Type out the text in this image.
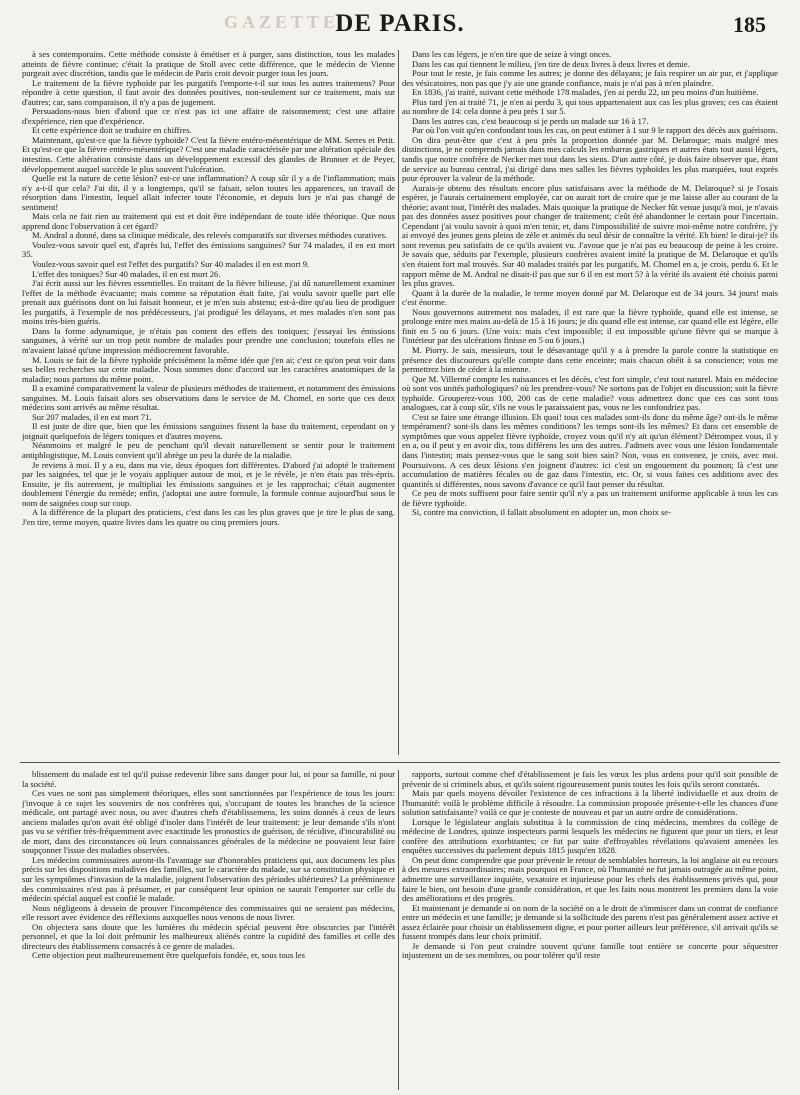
GAZETTE
DE PARIS.	185

à ses contemporains. Cette méthode consiste à émétiser et à purger, sans distinction, tous les malades atteints de fièvre continue; c'était la pratique de Stoll avec cette différence, que le médecin de Vienne purgeait avec discrétion, tandis que le médecin de Paris croit devoir purger tous les jours.

Le traitement de la fièvre typhoïde par les purgatifs l'emporte-t-il sur tous les autres traitemens? Pour répondre à cette question, il faut avoir des données positives, non-seulement sur ce traitement, mais sur d'autres; car, sans comparaison, il n'y a pas de jugement.

Persuadons-nous bien d'abord que ce n'est pas ici une affaire de raisonnement; c'est une affaire d'expérience, rien que d'expérience.

Et cette expérience doit se traduire en chiffres.

Maintenant, qu'est-ce que la fièvre typhoïde? C'est la fièvre entéro-mésentérique de MM. Serres et Petit. Et qu'est-ce que la fièvre entéro-mésentérique? C'est une maladie caractérisée par une altération spéciale des intestins. Cette altération consiste dans un développement excessif des glandes de Brunner et de Peyer, développement auquel succède le plus souvent l'ulcération.

Quelle est la nature de cette lésion? est-ce une inflammation? A coup sûr il y a de l'inflammation; mais n'y a-t-il que cela? J'ai dit, il y a longtemps, qu'il se faisait, selon toutes les apparences, un travail de résorption dans l'intestin, lequel allait infecter toute l'économie, et depuis lors je n'ai pas changé de sentiment!

Mais cela ne fait rien au traitement qui est et doit être indépendant de toute idée théorique. Que nous apprend donc l'observation à cet égard?

M. Andral a donné, dans sa clinique médicale, des relevés comparatifs sur diverses méthodes curatives.

Voulez-vous savoir quel est, d'après lui, l'effet des émissions sanguines? Sur 74 malades, il en est mort 35.

Voulez-vous savoir quel est l'effet des purgatifs? Sur 40 malades il en est mort 9.

L'effet des toniques? Sur 40 malades, il en est mort 26.

J'ai écrit aussi sur les fièvres essentielles. En traitant de la fièvre bilieuse, j'ai dû naturellement examiner l'effet de la méthode évacuante; mais comme sa réputation était faite, j'ai voulu savoir quelle part elle prenait aux guérisons dont on lui faisait honneur, et je m'en suis abstenu; est-à-dire qu'au lieu de prodiguer les purgatifs, à l'exemple de nos prédécesseurs, j'ai prodigué les délayans, et mes malades n'en sont pas moins très-bien guéris.

Dans la forme adynamique, je n'étais pas content des effets des toniques; j'essayai les émissions sanguines, à vérité sur un trop petit nombre de malades pour prendre une conclusion; toutefois elles ne m'avaient laissé qu'une impression médiocrement favorable.

M. Louis se fait de la fièvre typhoïde précisément la même idée que j'en ai; c'est ce qu'on peut voir dans ses belles recherches sur cette maladie. Nous sommes donc d'accord sur les caractères anatomiques de la maladie; nous partons du même point.

Il a examiné comparativement la valeur de plusieurs méthodes de traitement, et notamment des émissions sanguines. M. Louis faisait alors ses observations dans le service de M. Chomel, en sorte que ces deux médecins sont arrivés au même résultat.

Sur 207 malades, il en est mort 71.

Il est juste de dire que, bien que les émissions sanguines fissent la base du traitement, cependant on y joignait quelquefois de légers toniques et d'autres moyens.

Néanmoins et malgré le peu de penchant qu'il devait naturellement se sentir pour le traitement antiphlogistique, M. Louis convient qu'il abrège un peu la durée de la maladie.

Je reviens à moi. Il y a eu, dans ma vie, deux époques fort différentes. D'abord j'ai adopté le traitement par les saignées, tel que je le voyais appliquer autour de moi, et je le révèle, je n'en étais pas très-épris. Ensuite, je fis autrement, je multipliai les émissions sanguines et je les rapprochai; c'était augmenter doublement l'énergie du remède; enfin, j'adoptai une autre formule, la formule connue aujourd'hui sous le nom de saignées coup sur coup.

A la différence de la plupart des praticiens, c'est dans les cas les plus graves que je tire le plus de sang. J'en tire, terme moyen, quatre livres dans les quatre ou cinq premiers jours.

Dans les cas légers, je n'en tire que de seize à vingt onces.

Dans les cas qui tiennent le milieu, j'en tire de deux livres à deux livres et demie.

Pour tout le reste, je fais comme les autres; je donne des délayans; je fais respirer un air pur, et j'applique des vésicatoires, non pas que j'y aie une grande confiance, mais je n'ai pas à m'en plaindre.

En 1836, j'ai traité, suivant cette méthode 178 malades, j'en ai perdu 22, un peu moins d'un huitième.

Plus tard j'en ai traité 71, je n'en ai perdu 3, qui tous appartenaient aux cas les plus graves; ces cas étaient au nombre de 14: cela donne à peu près 1 sur 5.

Dans les autres cas, c'est beaucoup si je perds un malade sur 16 à 17.

Par où l'on voit qu'en confondant tous les cas, on peut estimer à 1 sur 9 le rapport des décès aux guérisons.

On dira peut-être que c'est à peu près la proportion donnée par M. Delaroque; mais malgré mes distinctions, je ne comprends jamais dans mes calculs les embarras gastriques et autres états tout aussi légers, tandis que notre confrère de Necker met tout dans les siens. D'un autre côté, je dois faire observer que, étant de service au bureau central, j'ai dirigé dans mes salles les fièvres typhoïdes les plus marquées, tout exprès pour éprouver la valeur de la méthode.

Aurais-je obtenu des résultats encore plus satisfaisans avec la méthode de M. Delaroque? si je l'osais espérer, je l'aurais certainement employée, car on aurait tort de croire que je me laisse aller au courant de la théorie; avant tout, l'intérêt des malades. Mais quoique la pratique de Necker fût venue jusqu'à moi, je n'avais pas des données assez positives pour changer de traitement; c'eût été abandonner le certain pour l'incertain. Cependant j'ai voulu savoir à quoi m'en tenir, et, dans l'impossibilité de suivre moi-même notre confrère, j'y ai envoyé des jeunes gens pleins de zèle et animés du seul désir de connaître la vérité. Eh bien! le dirai-je? ils sont revenus peu satisfaits de ce qu'ils avaient vu. J'avoue que je n'ai pas eu beaucoup de peine à les croire. Je savais que, séduits par l'exemple, plusieurs confrères avaient imité la pratique de M. Delaroque et qu'ils s'en étaient fort mal trouvés. Sur 40 malades traités par les purgatifs, M. Chomel en a, je crois, perdu 6. Et le rapport même de M. Andral ne disait-il pas que sur 6 il en est mort 5? à la vérité ils avaient été choisis parmi les plus graves.

Quant à la durée de la maladie, le terme moyen donné par M. Delaroque est de 34 jours. 34 jours! mais c'est énorme.

Nous gouvernons autrement nos malades, il est rare que la fièvre typhoïde, quand elle est intense, se prolonge entre mes mains au-delà de 15 à 16 jours; je dis quand elle est intense, car quand elle est légère, elle finit en 5 ou 6 jours. (Une voix: mais c'est impossible; il est impossible qu'une fièvre qui se marque à l'intérieur par des ulcérations finisse en 5 ou 6 jours.)

M. Piorry. Je sais, messieurs, tout le désavantage qu'il y a à prendre la parole contre la statistique en présence des discoureurs qu'elle compte dans cette enceinte; mais chacun obéit à sa conscience; vous me permettrez bien de céder à la mienne.

Que M. Villermé compte les naissances et les décès, c'est fort simple, c'est tout naturel. Mais en médecine où sont vos unités pathologiques? où les prendrez-vous? Ne sortons pas de l'objet en discussion; soit la fièvre typhoïde. Grouperez-vous 100, 200 cas de cette maladie? vous admettrez donc que ces cas sont tous analogues, car à coup sûr, s'ils ne vous le paraissaient pas, vous ne les confondriez pas.

C'est se faire une étrange illusion. Eh quoi! tous ces malades sont-ils donc du même âge? ont-ils le même tempérament? sont-ils dans les mêmes conditions? les temps sont-ils les mêmes? Et dans cet ensemble de symptômes que vous appelez fièvre typhoïde, croyez vous qu'il n'y ait qu'un élément? Détrompez vous, il y en a, ou il peut y en avoir dix, tous différens les uns des autres. J'admets avec vous une lésion fondamentale dans l'intestin; mais pensez-vous que le sang soit bien sain? Non, vous en convenez, je crois, avec moi. Poursuivons. A ces deux lésions s'en joignent d'autres: ici c'est un engouement du poumon; là c'est une accumulation de matières fécales ou de gaz dans l'intestin, etc. Or, si vous faites ces additions avec des quantités si différentes, nous savons d'avance ce qu'il faut penser du résultat.

Ce peu de mots suffisent pour faire sentir qu'il n'y a pas un traitement uniforme applicable à tous les cas de fièvre typhoïde.

Si, contre ma conviction, il fallait absolument en adopter un, mon choix se-

blissement du malade est tel qu'il puisse redevenir libre sans danger pour lui, ni pour sa famille, ni pour la société.

Ces vues ne sont pas simplement théoriques, elles sont sanctionnées par l'expérience de tous les jours: j'invoque à ce sujet les souvenirs de nos confrères qui, s'occupant de toutes les branches de la science médicale, ont partagé avec nous, ou avec d'autres chefs d'établissemens, les soins donnés à ceux de leurs anciens malades qu'on avait été obligé d'isoler dans l'intérêt de leur traitement: je leur demande s'ils n'ont pas vu se vérifier très-fréquemment avec exactitude les pronostics de guérison, de récidive, d'incurabilité ou de mort, dans des circonstances où leurs connaissances générales de la médecine ne pouvaient leur faire soupçonner l'issue des maladies observées.

Les médecins commissaires auront-ils l'avantage sur d'honorables praticiens qui, aux documens les plus précis sur les dispositions maladives des familles, sur le caractère du malade, sur sa constitution physique et sur les symptômes d'invasion de la maladie, joignent l'observation des périodes ultérieures? La prééminence des commissaires n'est pas à présumer, et par conséquent leur opinion ne saurait l'emporter sur celle du médecin spécial auquel est confié le malade.

Nous négligeons à dessein de prouver l'incompétence des commissaires qui ne seraient pas médecins, elle ressort avec évidence des réflexions auxquelles nous venons de nous livrer.

On objectera sans doute que les lumières du médecin spécial peuvent être obscurcies par l'intérêt personnel, et que la loi doit prémunir les malheureux aliénés contre la cupidité des familles et celle des directeurs des établissemens consacrés à ce genre de malades.

Cette objection peut malheureusement être quelquefois fondée, et, sous tous les

rapports, surtout comme chef d'établissement je fais les vœux les plus ardens pour qu'il soit possible de prévenir de si criminels abus, et qu'ils soient rigoureusement punis toutes les fois qu'ils seront constatés.

Mais par quels moyens dévoiler l'existence de ces infractions à la liberté individuelle et aux droits de l'humanité: voilà le problème difficile à résoudre. La commission proposée présente-t-elle les chances d'une solution satisfaisante? voilà ce que je conteste de nouveau et par un autre ordre de considérations.

Lorsque le législateur anglais substitua à la commission de cinq médecins, membres du collège de médecine de Londres, quinze inspecteurs parmi lesquels les médecins ne figurent que pour un tiers, et leur confère des attributions exorbitantes; ce fut par suite d'effroyables révélations qu'avaient amenées les enquêtes successives du parlement depuis 1815 jusqu'en 1828.

On peut donc comprendre que pour prévenir le retour de semblables horreurs, la loi anglaise ait eu recours à des mesures extraordinaires; mais pourquoi en France, où l'humanité ne fut jamais outragée au même point, admettre une surveillance inquiète, vexatoire et injurieuse pour les chefs des établissemens privés qui, pour faire le bien, ont besoin d'une grande considération, et que les faits nous montrent les premiers dans la voie des améliorations et des progrès.

Et maintenant je demande si on nom de la société on a le droit de s'immiscer dans un contrat de confiance entre un médecin et une famille; je demande si la sollicitude des parens n'est pas généralement assez active et assez éclairée pour choisir un établissement digne, et pour porter ailleurs leur préférence, s'il arrivait qu'ils se fussent trompés dans leur choix primitif.

Je demande si l'on peut craindre souvent qu'une famille tout entière se concerte pour séquestrer injustement un de ses membres, ou pour tolérer qu'il reste
